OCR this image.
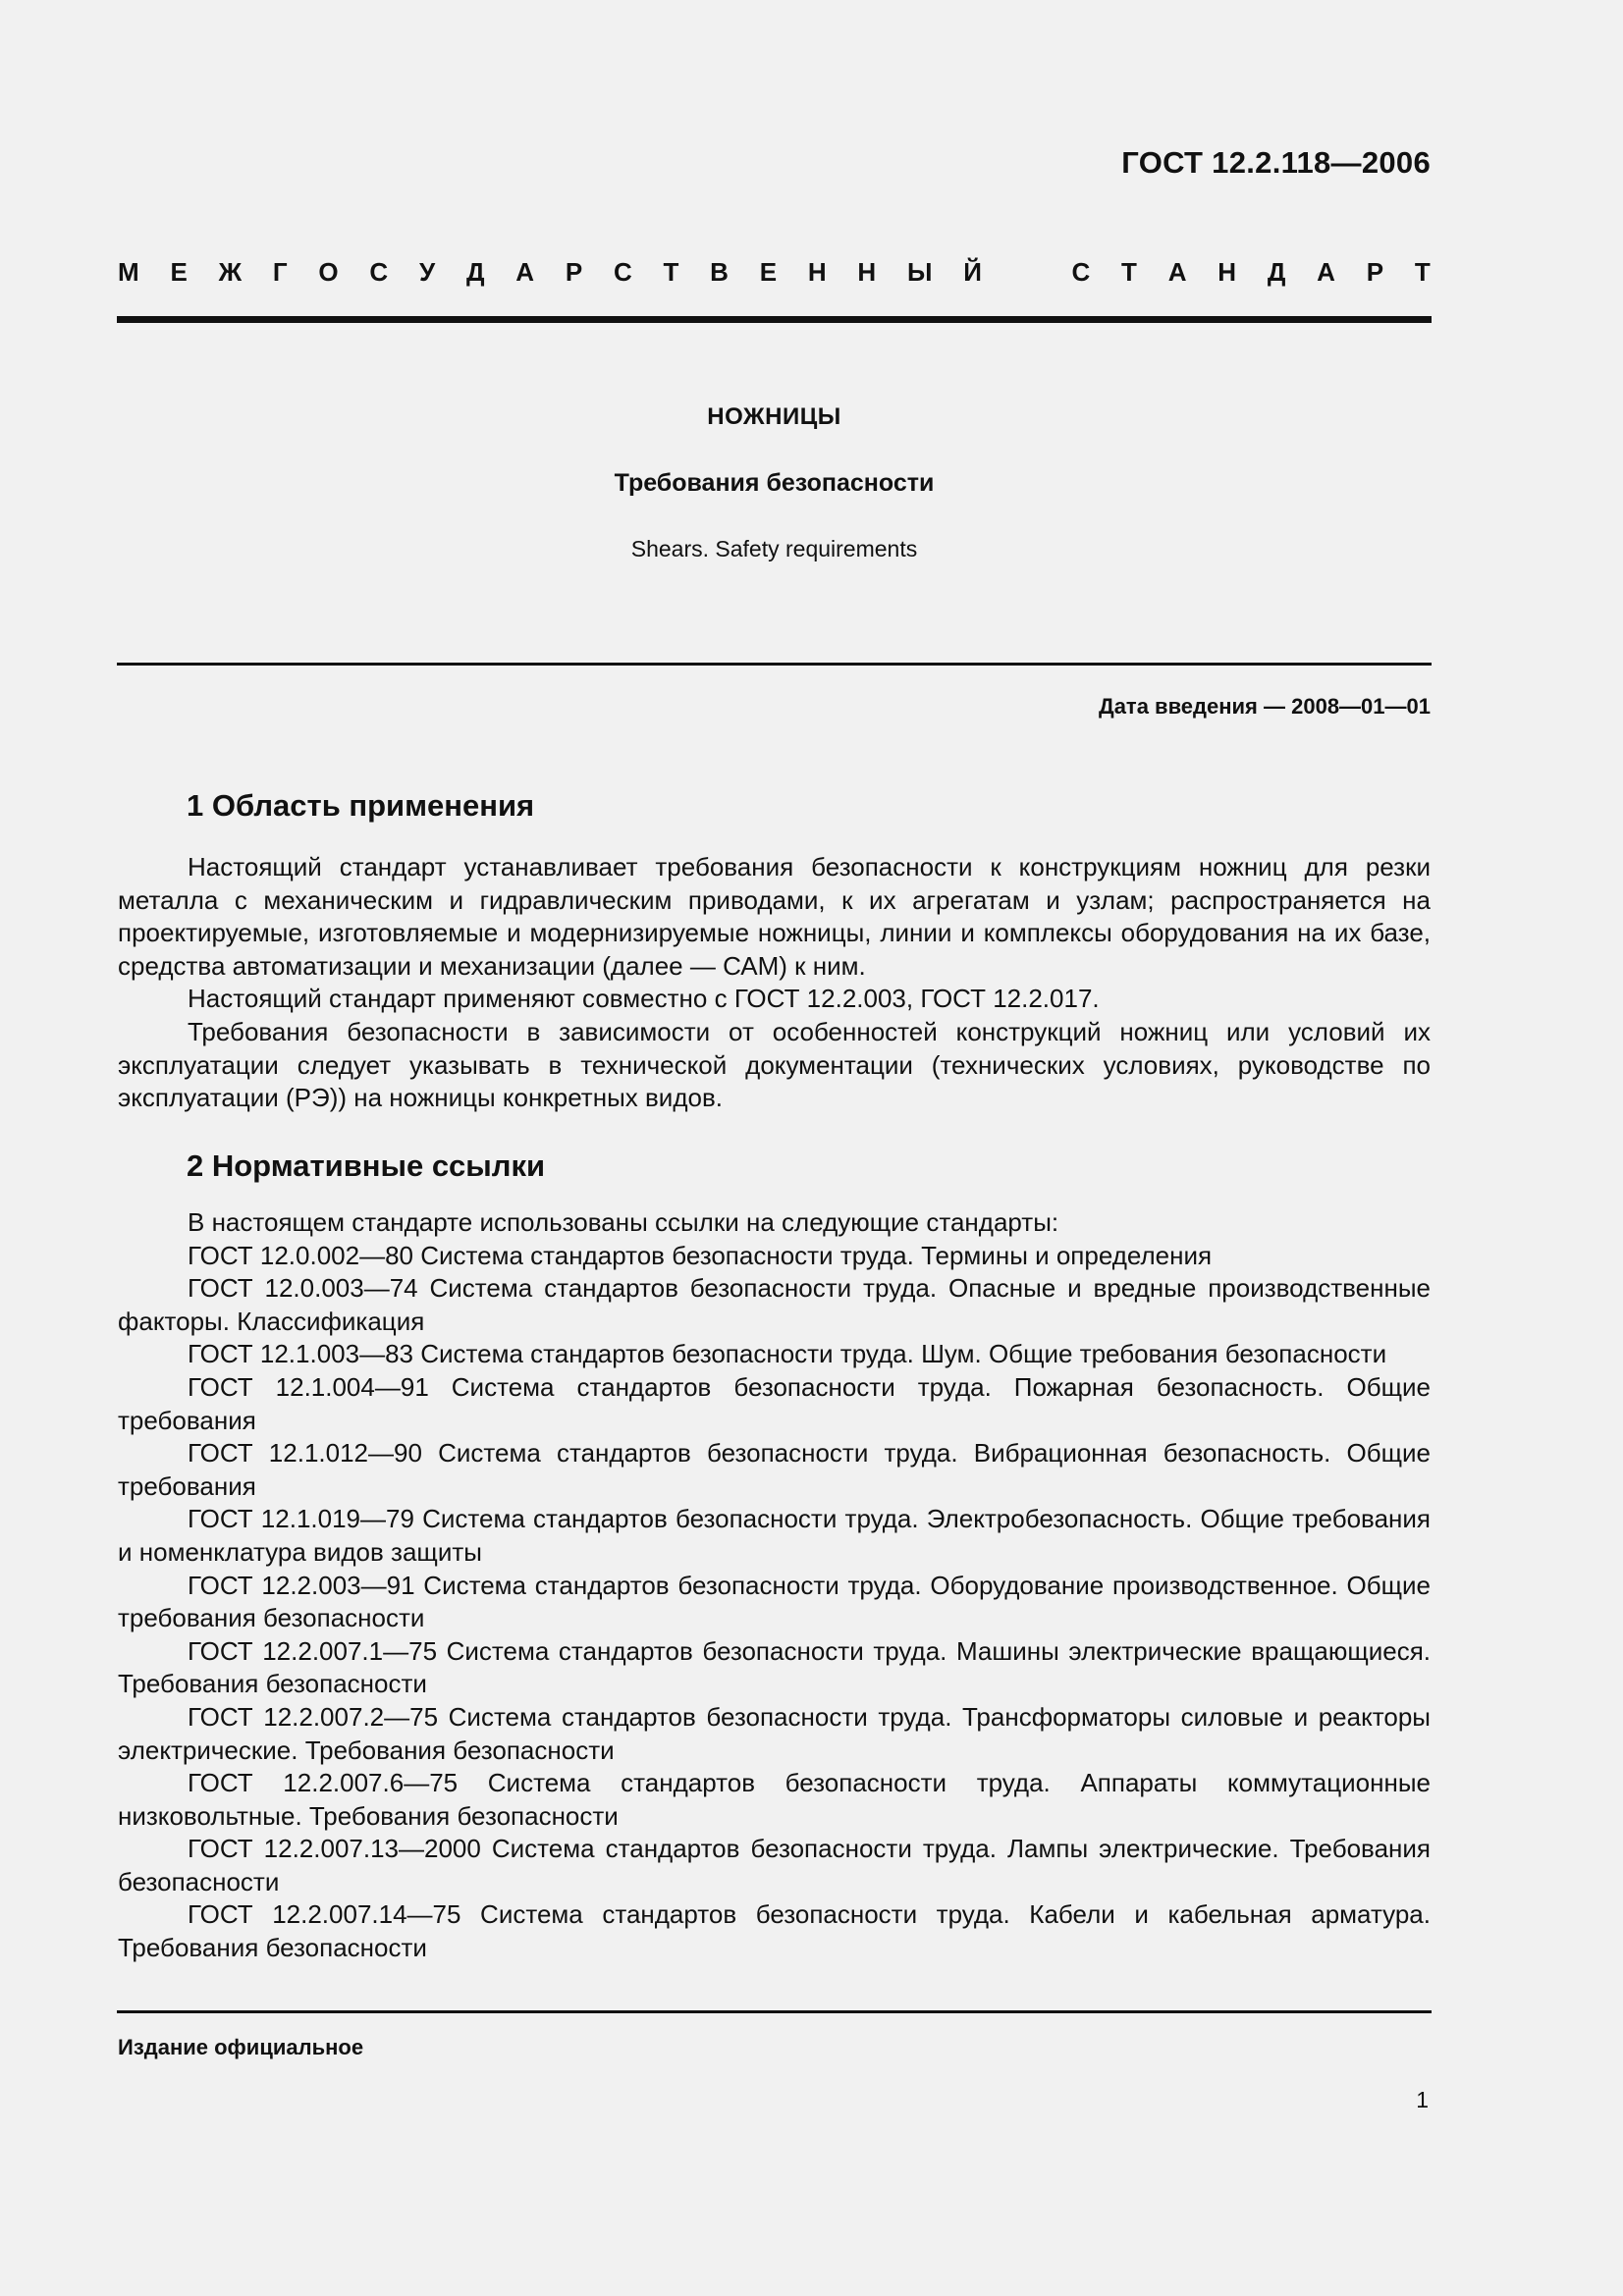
ГОСТ 12.2.118—2006
М Е Ж Г О С У Д А Р С Т В Е Н Н Ы Й	С Т А Н Д А Р Т
НОЖНИЦЫ
Требования безопасности
Shears. Safety requirements
Дата введения — 2008—01—01
1 Область применения

Настоящий стандарт устанавливает требования безопасности к конструкциям ножниц для резки металла с механическим и гидравлическим приводами, к их агрегатам и узлам; распространяется на проектируемые, изготовляемые и модернизируемые ножницы, линии и комплексы оборудования на их базе, средства автоматизации и механизации (далее — САМ) к ним.

Настоящий стандарт применяют совместно с ГОСТ 12.2.003, ГОСТ 12.2.017.

Требования безопасности в зависимости от особенностей конструкций ножниц или условий их эксплуатации следует указывать в технической документации (технических условиях, руководстве по эксплуатации (РЭ)) на ножницы конкретных видов.

2 Нормативные ссылки

В настоящем стандарте использованы ссылки на следующие стандарты:

ГОСТ 12.0.002—80 Система стандартов безопасности труда. Термины и определения

ГОСТ 12.0.003—74 Система стандартов безопасности труда. Опасные и вредные производственные факторы. Классификация

ГОСТ 12.1.003—83 Система стандартов безопасности труда. Шум. Общие требования безопасности

ГОСТ 12.1.004—91 Система стандартов безопасности труда. Пожарная безопасность. Общие требования

ГОСТ 12.1.012—90 Система стандартов безопасности труда. Вибрационная безопасность. Общие требования

ГОСТ 12.1.019—79 Система стандартов безопасности труда. Электробезопасность. Общие требования и номенклатура видов защиты

ГОСТ 12.2.003—91 Система стандартов безопасности труда. Оборудование производственное. Общие требования безопасности

ГОСТ 12.2.007.1—75 Система стандартов безопасности труда. Машины электрические вращающиеся. Требования безопасности

ГОСТ 12.2.007.2—75 Система стандартов безопасности труда. Трансформаторы силовые и реакторы электрические. Требования безопасности

ГОСТ 12.2.007.6—75 Система стандартов безопасности труда. Аппараты коммутационные низковольтные. Требования безопасности

ГОСТ 12.2.007.13—2000 Система стандартов безопасности труда. Лампы электрические. Требования безопасности

ГОСТ 12.2.007.14—75 Система стандартов безопасности труда. Кабели и кабельная арматура. Требования безопасности

Издание официальное
1
